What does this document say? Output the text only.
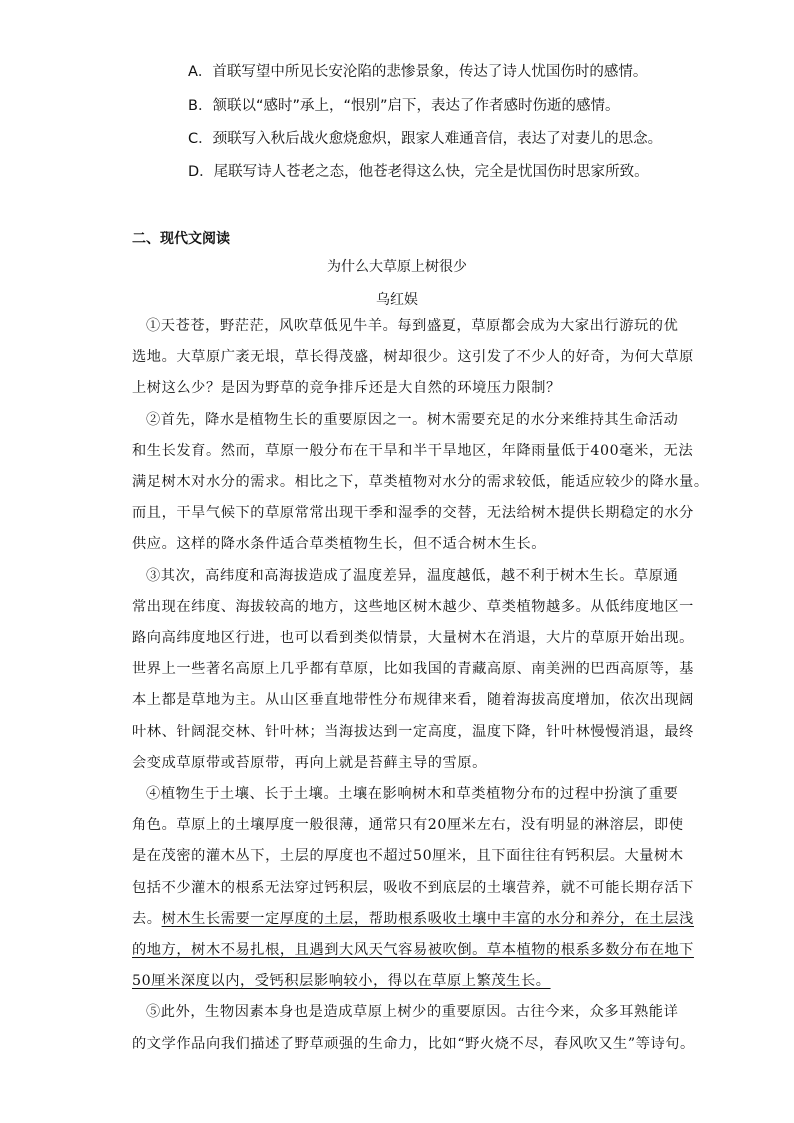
A．首联写望中所见长安沦陷的悲惨景象，传达了诗人忧国伤时的感情。
B．颔联以“感时”承上，“恨别”启下，表达了作者感时伤逝的感情。
C．颈联写入秋后战火愈烧愈炽，跟家人难通音信，表达了对妻儿的思念。
D．尾联写诗人苍老之态，他苍老得这么快，完全是忧国伤时思家所致。
二、现代文阅读
为什么大草原上树很少
乌红娱
①天苍苍，野茫茫，风吹草低见牛羊。每到盛夏，草原都会成为大家出行游玩的优
选地。大草原广袤无垠，草长得茂盛，树却很少。这引发了不少人的好奇，为何大草原
上树这么少？是因为野草的竞争排斥还是大自然的环境压力限制？
②首先，降水是植物生长的重要原因之一。树木需要充足的水分来维持其生命活动
和生长发育。然而，草原一般分布在干旱和半干旱地区，年降雨量低于400毫米，无法
满足树木对水分的需求。相比之下，草类植物对水分的需求较低，能适应较少的降水量。
而且，干旱气候下的草原常常出现干季和湿季的交替，无法给树木提供长期稳定的水分
供应。这样的降水条件适合草类植物生长，但不适合树木生长。
③其次，高纬度和高海拔造成了温度差异，温度越低，越不利于树木生长。草原通
常出现在纬度、海拔较高的地方，这些地区树木越少、草类植物越多。从低纬度地区一
路向高纬度地区行进，也可以看到类似情景，大量树木在消退，大片的草原开始出现。
世界上一些著名高原上几乎都有草原，比如我国的青藏高原、南美洲的巴西高原等，基
本上都是草地为主。从山区垂直地带性分布规律来看，随着海拔高度增加，依次出现阔
叶林、针阔混交林、针叶林；当海拔达到一定高度，温度下降，针叶林慢慢消退，最终
会变成草原带或苔原带，再向上就是苔藓主导的雪原。
④植物生于土壤、长于土壤。土壤在影响树木和草类植物分布的过程中扮演了重要
角色。草原上的土壤厚度一般很薄，通常只有20厘米左右，没有明显的淋溶层，即使
是在茂密的灌木丛下，土层的厚度也不超过50厘米，且下面往往有钙积层。大量树木
包括不少灌木的根系无法穿过钙积层，吸收不到底层的土壤营养，就不可能长期存活下
去。树木生长需要一定厚度的土层，帮助根系吸收土壤中丰富的水分和养分，在土层浅
的地方，树木不易扎根，且遇到大风天气容易被吹倒。草本植物的根系多数分布在地下
50厘米深度以内，受钙积层影响较小，得以在草原上繁茂生长。
⑤此外，生物因素本身也是造成草原上树少的重要原因。古往今来，众多耳熟能详
的文学作品向我们描述了野草顽强的生命力，比如“野火烧不尽，春风吹又生”等诗句。
